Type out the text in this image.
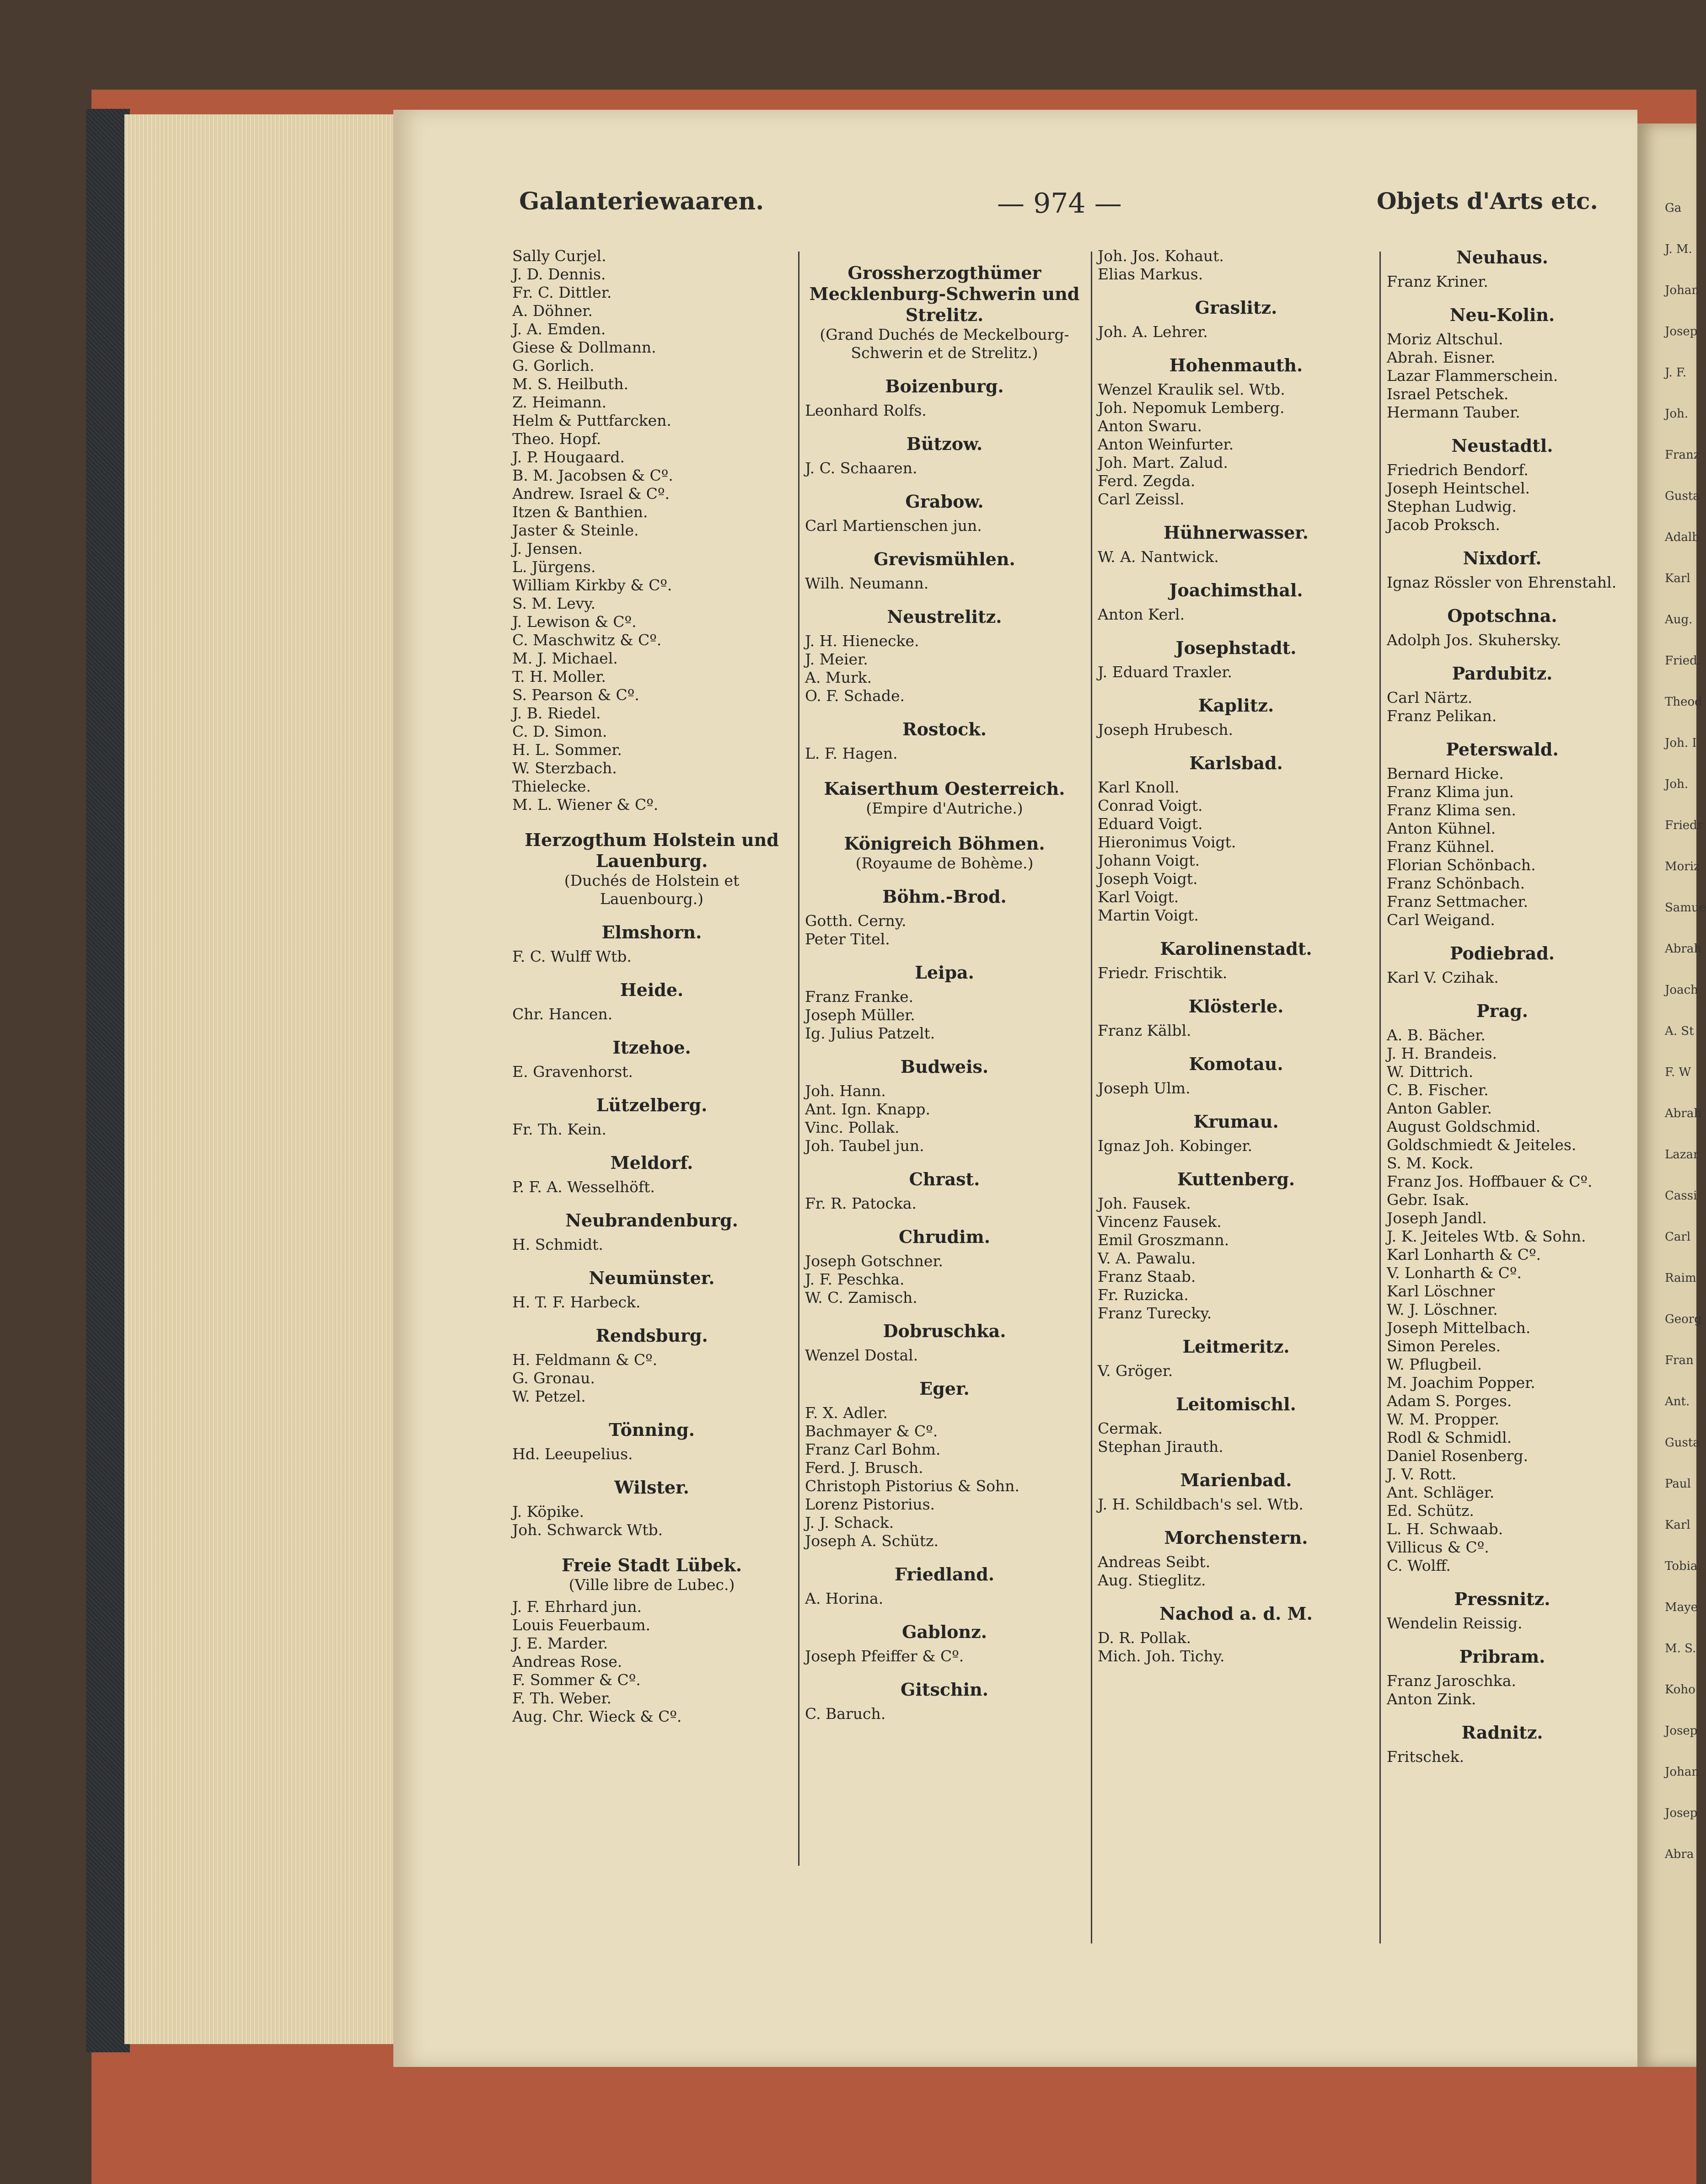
Galanteriewaaren.	— 974 —	Objets d'Arts etc.
Sally Curjel.
J. D. Dennis.
Fr. C. Dittler.
A. Döhner.
J. A. Emden.
Giese & Dollmann.
G. Gorlich.
M. S. Heilbuth.
Z. Heimann.
Helm & Puttfarcken.
Theo. Hopf.
J. P. Hougaard.
B. M. Jacobsen & Cº.
Andrew. Israel & Cº.
Itzen & Banthien.
Jaster & Steinle.
J. Jensen.
L. Jürgens.
William Kirkby & Cº.
S. M. Levy.
J. Lewison & Cº.
C. Maschwitz & Cº.
M. J. Michael.
T. H. Moller.
S. Pearson & Cº.
J. B. Riedel.
C. D. Simon.
H. L. Sommer.
W. Sterzbach.
Thielecke.
M. L. Wiener & Cº.
Herzogthum Holstein und Lauenburg.
(Duchés de Holstein et Lauenbourg.)
Elmshorn.
F. C. Wulff Wtb.
Heide.
Chr. Hancen.
Itzehoe.
E. Gravenhorst.
Lützelberg.
Fr. Th. Kein.
Meldorf.
P. F. A. Wesselhöft.
Neubrandenburg.
H. Schmidt.
Neumünster.
H. T. F. Harbeck.
Rendsburg.
H. Feldmann & Cº.
G. Gronau.
W. Petzel.
Tönning.
Hd. Leeupelius.
Wilster.
J. Köpike.
Joh. Schwarck Wtb.
Freie Stadt Lübek.
(Ville libre de Lubec.)
J. F. Ehrhard jun.
Louis Feuerbaum.
J. E. Marder.
Andreas Rose.
F. Sommer & Cº.
F. Th. Weber.
Aug. Chr. Wieck & Cº.
Grossherzogthümer Mecklenburg-Schwerin und Strelitz.
(Grand Duchés de Meckelbourg-Schwerin et de Strelitz.)
Boizenburg.
Leonhard Rolfs.
Bützow.
J. C. Schaaren.
Grabow.
Carl Martienschen jun.
Grevismühlen.
Wilh. Neumann.
Neustrelitz.
J. H. Hienecke.
J. Meier.
A. Murk.
O. F. Schade.
Rostock.
L. F. Hagen.
Kaiserthum Oesterreich.
(Empire d'Autriche.)
Königreich Böhmen.
(Royaume de Bohème.)
Böhm.-Brod.
Gotth. Cerny.
Peter Titel.
Leipa.
Franz Franke.
Joseph Müller.
Ig. Julius Patzelt.
Budweis.
Joh. Hann.
Ant. Ign. Knapp.
Vinc. Pollak.
Joh. Taubel jun.
Chrast.
Fr. R. Patocka.
Chrudim.
Joseph Gotschner.
J. F. Peschka.
W. C. Zamisch.
Dobruschka.
Wenzel Dostal.
Eger.
F. X. Adler.
Bachmayer & Cº.
Franz Carl Bohm.
Ferd. J. Brusch.
Christoph Pistorius & Sohn.
Lorenz Pistorius.
J. J. Schack.
Joseph A. Schütz.
Friedland.
A. Horina.
Gablonz.
Joseph Pfeiffer & Cº.
Gitschin.
C. Baruch.
Joh. Jos. Kohaut.
Elias Markus.
Graslitz.
Joh. A. Lehrer.
Hohenmauth.
Wenzel Kraulik sel. Wtb.
Joh. Nepomuk Lemberg.
Anton Swaru.
Anton Weinfurter.
Joh. Mart. Zalud.
Ferd. Zegda.
Carl Zeissl.
Hühnerwasser.
W. A. Nantwick.
Joachimsthal.
Anton Kerl.
Josephstadt.
J. Eduard Traxler.
Kaplitz.
Joseph Hrubesch.
Karlsbad.
Karl Knoll.
Conrad Voigt.
Eduard Voigt.
Hieronimus Voigt.
Johann Voigt.
Joseph Voigt.
Karl Voigt.
Martin Voigt.
Karolinenstadt.
Friedr. Frischtik.
Klösterle.
Franz Kälbl.
Komotau.
Joseph Ulm.
Krumau.
Ignaz Joh. Kobinger.
Kuttenberg.
Joh. Fausek.
Vincenz Fausek.
Emil Groszmann.
V. A. Pawalu.
Franz Staab.
Fr. Ruzicka.
Franz Turecky.
Leitmeritz.
V. Gröger.
Leitomischl.
Cermak.
Stephan Jirauth.
Marienbad.
J. H. Schildbach's sel. Wtb.
Morchenstern.
Andreas Seibt.
Aug. Stieglitz.
Nachod a. d. M.
D. R. Pollak.
Mich. Joh. Tichy.
Neuhaus.
Franz Kriner.
Neu-Kolin.
Moriz Altschul.
Abrah. Eisner.
Lazar Flammerschein.
Israel Petschek.
Hermann Tauber.
Neustadtl.
Friedrich Bendorf.
Joseph Heintschel.
Stephan Ludwig.
Jacob Proksch.
Nixdorf.
Ignaz Rössler von Ehrenstahl.
Opotschna.
Adolph Jos. Skuhersky.
Pardubitz.
Carl Närtz.
Franz Pelikan.
Peterswald.
Bernard Hicke.
Franz Klima jun.
Franz Klima sen.
Anton Kühnel.
Franz Kühnel.
Florian Schönbach.
Franz Schönbach.
Franz Settmacher.
Carl Weigand.
Podiebrad.
Karl V. Czihak.
Prag.
A. B. Bächer.
J. H. Brandeis.
W. Dittrich.
C. B. Fischer.
Anton Gabler.
August Goldschmid.
Goldschmiedt & Jeiteles.
S. M. Kock.
Franz Jos. Hoffbauer & Cº.
Gebr. Isak.
Joseph Jandl.
J. K. Jeiteles Wtb. & Sohn.
Karl Lonharth & Cº.
V. Lonharth & Cº.
Karl Löschner
W. J. Löschner.
Joseph Mittelbach.
Simon Pereles.
W. Pflugbeil.
M. Joachim Popper.
Adam S. Porges.
W. M. Propper.
Rodl & Schmidl.
Daniel Rosenberg.
J. V. Rott.
Ant. Schläger.
Ed. Schütz.
L. H. Schwaab.
Villicus & Cº.
C. Wolff.
Pressnitz.
Wendelin Reissig.
Pribram.
Franz Jaroschka.
Anton Zink.
Radnitz.
Fritschek.
Ga
J. M.
Johan
Josep
J. F.
Joh.
Franz
Gusta
Adalb
Karl
Aug.
Fried.
Theod
Joh. I
Joh.
Friedr
Moriz
Samue
Abrah
Joach
A. St
F. W
Abrah
Lazar
Cassi
Carl
Raim
Georg
Fran
Ant.
Gusta
Paul
Karl
Tobia
Maye
M. S.
Koho
Josep
Johan
Josep
Abra
